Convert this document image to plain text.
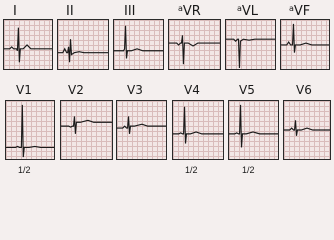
I	II	III	$^a$VR	$^a$VL	$^a$VF
V1	V2	V3	V4	V5	V6
1/2	1/2	1/2
